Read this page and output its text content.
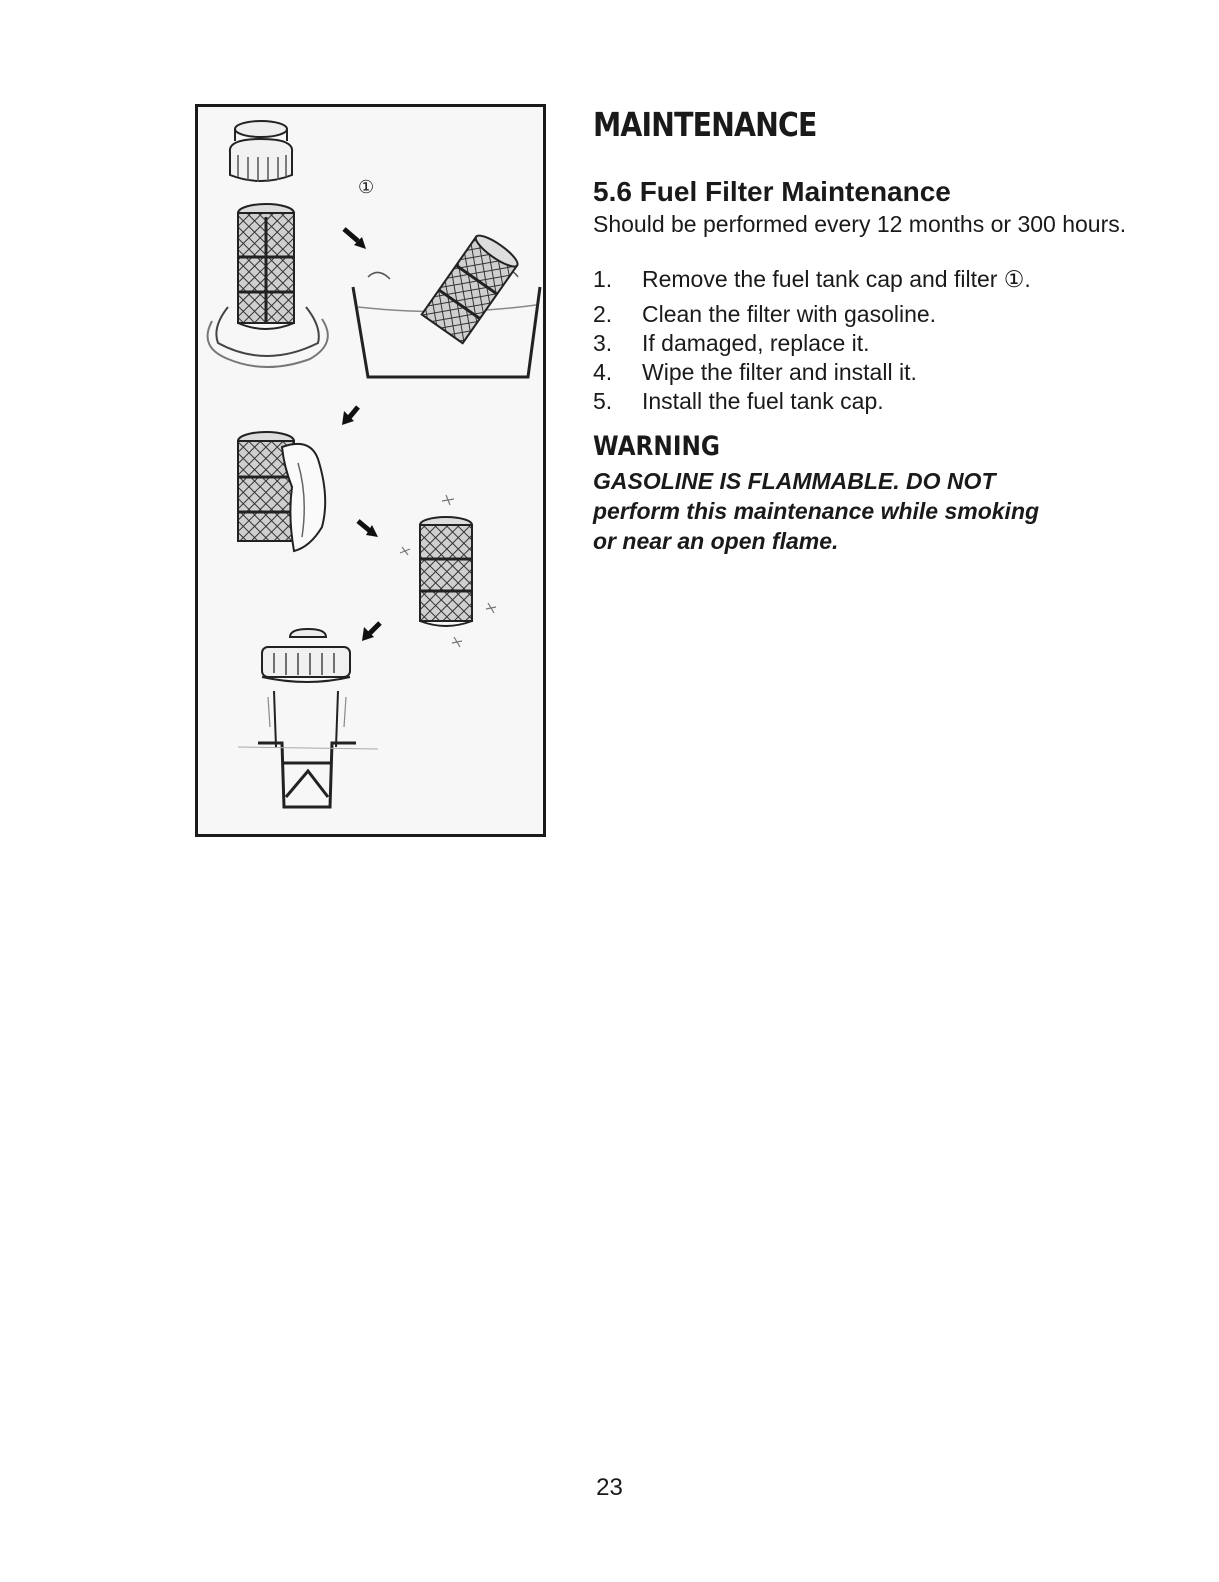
①
MAINTENANCE
5.6 Fuel Filter Maintenance

Should be performed every 12 months or 300 hours.

1.	Remove the fuel tank cap and filter ①.
2.	Clean the filter with gasoline.
3.	If damaged, replace it.
4.	Wipe the filter and install it.
5.	Install the fuel tank cap.
WARNING

GASOLINE IS FLAMMABLE. DO NOT perform this maintenance while smoking or near an open flame.

23
